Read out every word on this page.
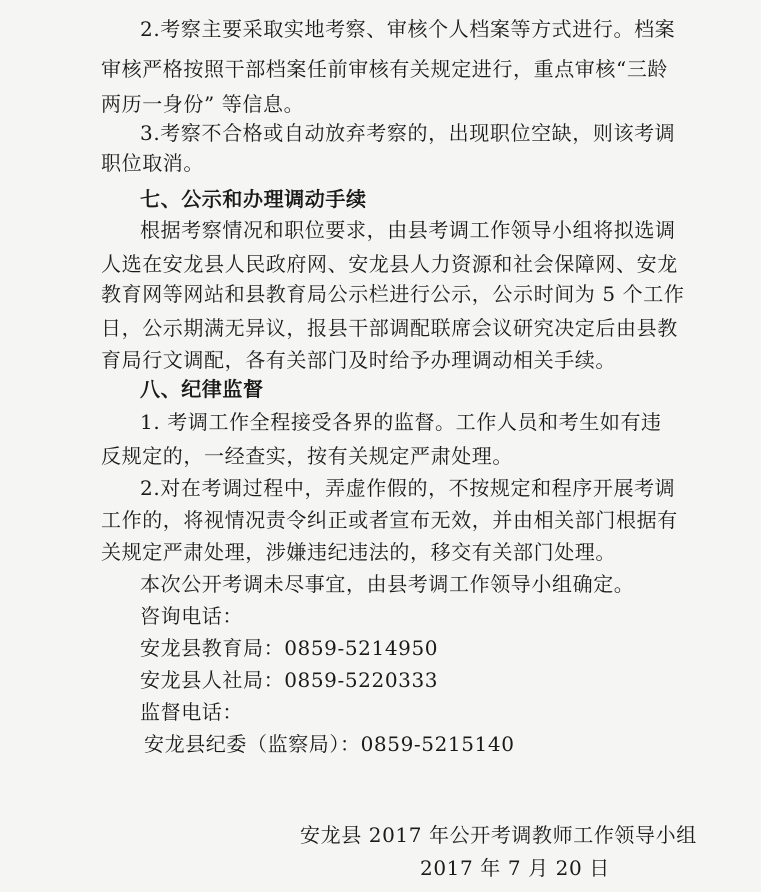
2.考察主要采取实地考察、审核个人档案等方式进行。档案
审核严格按照干部档案任前审核有关规定进行，重点审核“三龄
两历一身份” 等信息。
3.考察不合格或自动放弃考察的，出现职位空缺，则该考调
职位取消。
七、公示和办理调动手续
根据考察情况和职位要求，由县考调工作领导小组将拟选调
人选在安龙县人民政府网、安龙县人力资源和社会保障网、安龙
教育网等网站和县教育局公示栏进行公示，公示时间为 5 个工作
日，公示期满无异议，报县干部调配联席会议研究决定后由县教
育局行文调配，各有关部门及时给予办理调动相关手续。
八、纪律监督
1. 考调工作全程接受各界的监督。工作人员和考生如有违
反规定的，一经查实，按有关规定严肃处理。
2.对在考调过程中，弄虚作假的，不按规定和程序开展考调
工作的，将视情况责令纠正或者宣布无效，并由相关部门根据有
关规定严肃处理，涉嫌违纪违法的，移交有关部门处理。
本次公开考调未尽事宜，由县考调工作领导小组确定。
咨询电话：
安龙县教育局：0859-5214950
安龙县人社局：0859-5220333
监督电话：
安龙县纪委（监察局）：0859-5215140
安龙县 2017 年公开考调教师工作领导小组
2017 年 7 月 20 日
